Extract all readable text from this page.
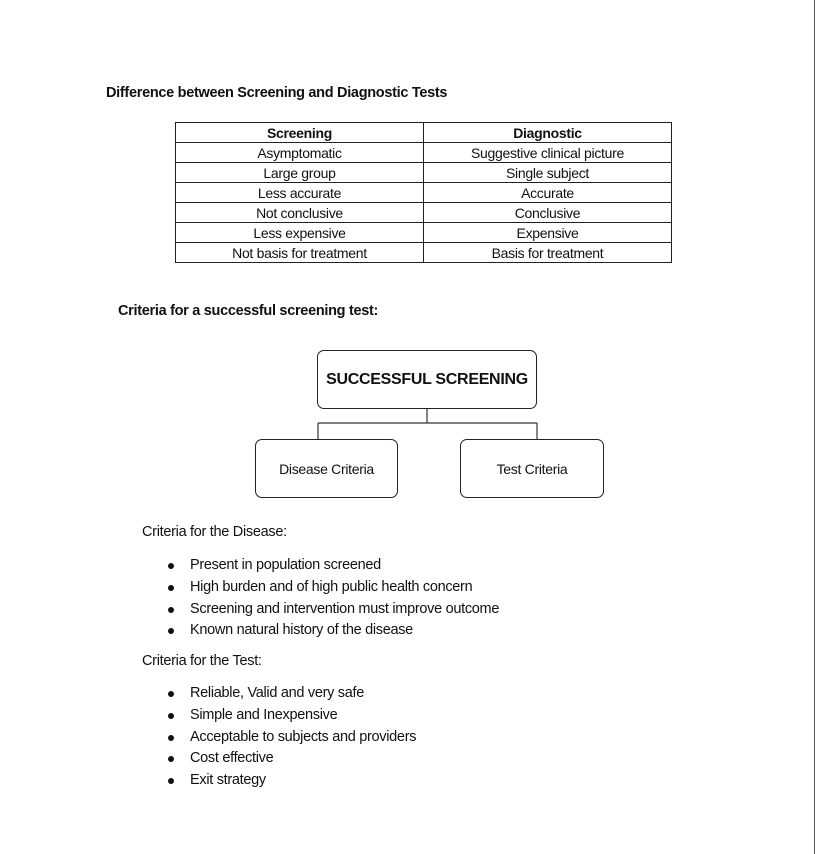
Difference between Screening and Diagnostic Tests
Screening	Diagnostic
Asymptomatic	Suggestive clinical picture
Large group	Single subject
Less accurate	Accurate
Not conclusive	Conclusive
Less expensive	Expensive
Not basis for treatment	Basis for treatment
Criteria for a successful screening test:
SUCCESSFUL SCREENING
Disease Criteria	Test Criteria
Criteria for the Disease:
Present in population screened
High burden and of high public health concern
Screening and intervention must improve outcome
Known natural history of the disease
Criteria for the Test:
Reliable, Valid and very safe
Simple and Inexpensive
Acceptable to subjects and providers
Cost effective
Exit strategy
